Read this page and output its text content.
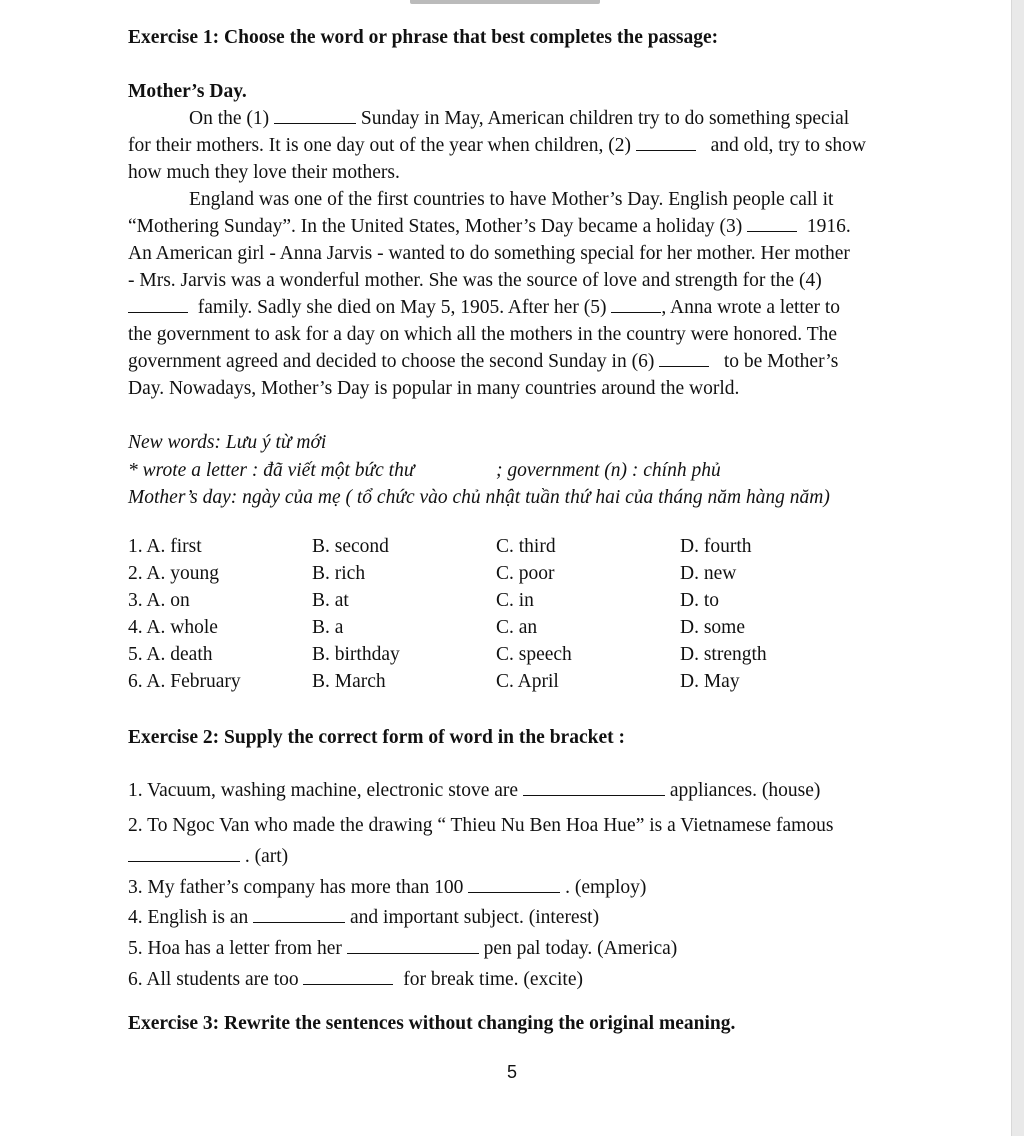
Exercise 1: Choose the word or phrase that best completes the passage:
Mother’s Day.
On the (1)	Sunday in May, American children try to do something special
for their mothers. It is one day out of the year when children, (2)	and old, try to show
how much they love their mothers.
England was one of the first countries to have Mother’s Day. English people call it
“Mothering Sunday”. In the United States, Mother’s Day became a holiday (3)	1916.
An American girl - Anna Jarvis - wanted to do something special for her mother. Her mother
- Mrs. Jarvis was a wonderful mother. She was the source of love and strength for the (4)
family. Sadly she died on May 5, 1905. After her (5)	, Anna wrote a letter to
the government to ask for a day on which all the mothers in the country were honored. The
government agreed and decided to choose the second Sunday in (6)	to be Mother’s
Day. Nowadays, Mother’s Day is popular in many countries around the world.
New words: Lưu ý từ mới
* wrote a letter : đã viết một bức thư	; government (n) : chính phủ
Mother’s day: ngày của mẹ ( tổ chức vào chủ nhật tuần thứ hai của tháng năm hàng năm)
1. A. first	B. second	C. third	D. fourth
2. A. young	B. rich	C. poor	D. new
3. A. on	B. at	C. in	D. to
4. A. whole	B. a	C. an	D. some
5. A. death	B. birthday	C. speech	D. strength
6. A. February	B. March	C. April	D. May
Exercise 2: Supply the correct form of word in the bracket :
1. Vacuum, washing machine, electronic stove are	appliances. (house)
2. To Ngoc Van who made the drawing “ Thieu Nu Ben Hoa Hue” is a Vietnamese famous
. (art)
3. My father’s company has more than 100	. (employ)
4. English is an	and important subject. (interest)
5. Hoa has a letter from her	pen pal today. (America)
6. All students are too	for break time. (excite)
Exercise 3: Rewrite the sentences without changing the original meaning.
5
